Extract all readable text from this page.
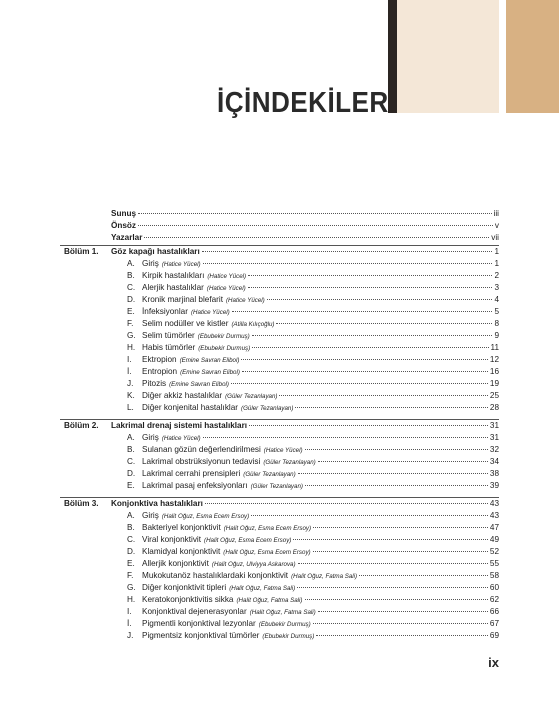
İÇİNDEKİLER
Sunuş	iii
Önsöz	v
Yazarlar	vii
Bölüm 1. Göz kapağı hastalıkları	1
A. Giriş (Hatice Yücel)	1
B. Kirpik hastalıkları (Hatice Yücel)	2
C. Alerjik hastalıklar (Hatice Yücel)	3
D. Kronik marjinal blefarit (Hatice Yücel)	4
E. İnfeksiyonlar (Hatice Yücel)	5
F. Selim nodüller ve kistler (Atilla Kılıçoğlu)	8
G. Selim tümörler (Ebubekir Durmuş)	9
H. Habis tümörler (Ebubekir Durmuş)	11
I. Ektropion (Emine Savran Elibol)	12
İ. Entropion (Emine Savran Elibol)	16
J. Pitozis (Emine Savran Elibol)	19
K. Diğer akkiz hastalıklar (Güler Tezanlayan)	25
L. Diğer konjenital hastalıklar (Güler Tezanlayan)	28
Bölüm 2. Lakrimal drenaj sistemi hastalıkları	31
A. Giriş (Hatice Yücel)	31
B. Sulanan gözün değerlendirilmesi (Hatice Yücel)	32
C. Lakrimal obstrüksiyonun tedavisi (Güler Tezanlayan)	34
D. Lakrimal cerrahi prensipleri (Güler Tezanlayan)	38
E. Lakrimal pasaj enfeksiyonları (Güler Tezanlayan)	39
Bölüm 3. Konjonktiva hastalıkları	43
A. Giriş (Halit Oğuz, Esma Ecem Ersoy)	43
B. Bakteriyel konjonktivit (Halit Oğuz, Esma Ecem Ersoy)	47
C. Viral konjonktivit (Halit Oğuz, Esma Ecem Ersoy)	49
D. Klamidyal konjonktivit (Halit Oğuz, Esma Ecem Ersoy)	52
E. Allerjik konjonktivit (Halit Oğuz, Ulviyya Askarova)	55
F. Mukokutanöz hastalıklardaki konjonktivit (Halit Oğuz, Fatma Sali)	58
G. Diğer konjonktivit tipleri (Halit Oğuz, Fatma Sali)	60
H. Keratokonjonktivitis sikka (Halit Oğuz, Fatma Sali)	62
I. Konjonktival dejenerasyonlar (Halit Oğuz, Fatma Sali)	66
İ. Pigmentli konjonktival lezyonlar (Ebubekir Durmuş)	67
J. Pigmentsiz konjonktival tümörler (Ebubekir Durmuş)	69
ix
